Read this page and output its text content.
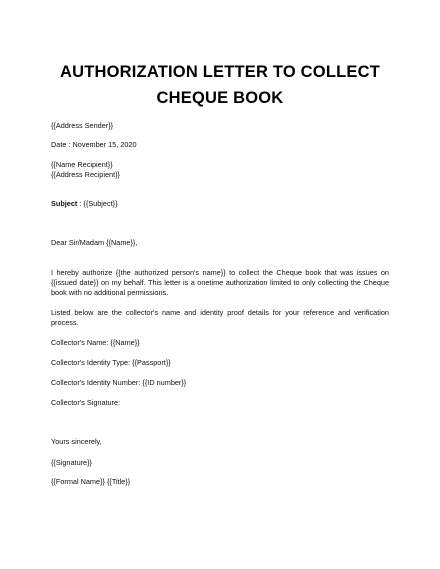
AUTHORIZATION LETTER TO COLLECT
CHEQUE BOOK

{{Address Sender}}

Date : November 15, 2020

{{Name Recipient}}

{{Address Recipient}}

Subject : {{Subject}}

Dear Sir/Madam {{Name}},

I hereby authorize {{the authorized person's name}} to collect the Cheque book that was issues on
{{issued date}} on my behalf. This letter is a onetime authorization limited to only collecting the Cheque
book with no additional permissions.
Listed below are the collector's name and identity proof details for your reference and verification
process.

Collector's Name: {{Name}}

Collector's Identity Type: {{Passport}}

Collector's Identity Number: {{ID number}}

Collector's Signature:

Yours sincerely,

{{Signature}}

{{Formal Name}} {{Title}}
